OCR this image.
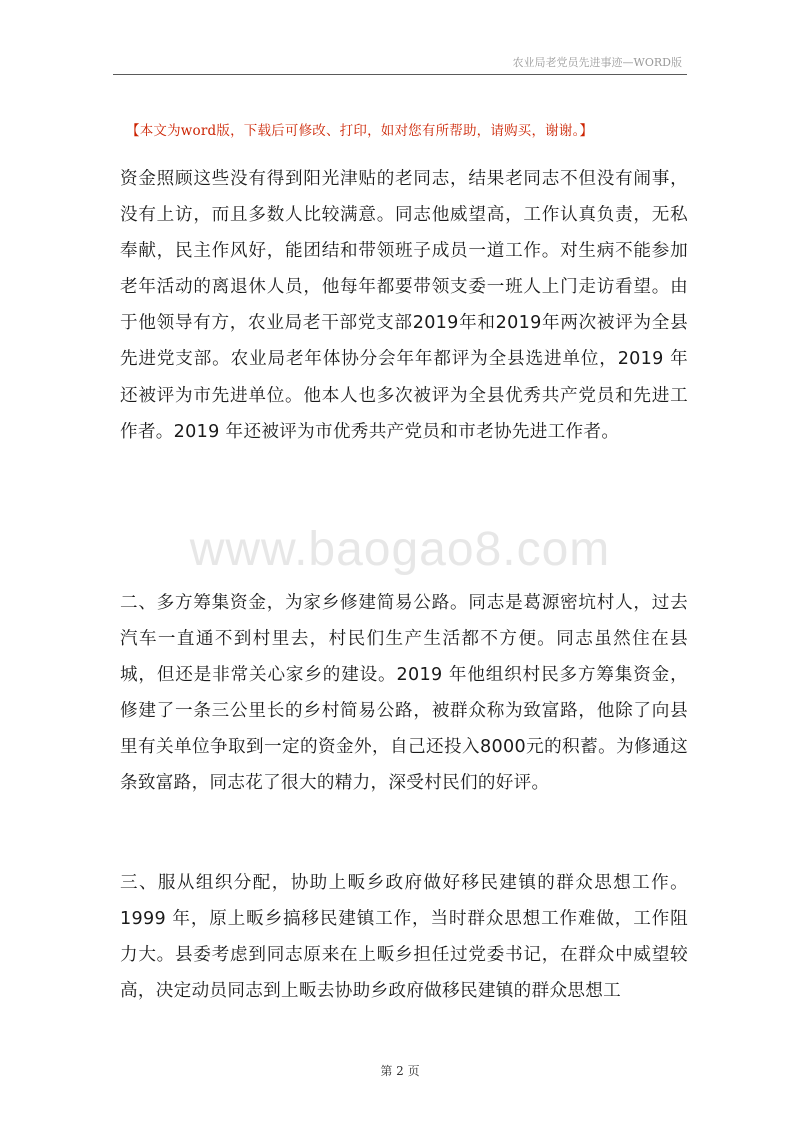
农业局老党员先进事迹—WORD版
【本文为word版，下载后可修改、打印，如对您有所帮助，请购买，谢谢。】
www.baogao8.com

资金照顾这些没有得到阳光津贴的老同志，结果老同志不但没有闹事，没有上访，而且多数人比较满意。同志他威望高，工作认真负责，无私奉献，民主作风好，能团结和带领班子成员一道工作。对生病不能参加老年活动的离退休人员，他每年都要带领支委一班人上门走访看望。由于他领导有方，农业局老干部党支部2019年和2019年两次被评为全县先进党支部。农业局老年体协分会年年都评为全县选进单位，2019 年还被评为市先进单位。他本人也多次被评为全县优秀共产党员和先进工作者。2019 年还被评为市优秀共产党员和市老协先进工作者。

二、多方筹集资金，为家乡修建简易公路。同志是葛源密坑村人，过去汽车一直通不到村里去，村民们生产生活都不方便。同志虽然住在县城，但还是非常关心家乡的建设。2019 年他组织村民多方筹集资金，修建了一条三公里长的乡村简易公路，被群众称为致富路，他除了向县里有关单位争取到一定的资金外，自己还投入8000元的积蓄。为修通这条致富路，同志花了很大的精力，深受村民们的好评。

三、服从组织分配，协助上畈乡政府做好移民建镇的群众思想工作。1999 年，原上畈乡搞移民建镇工作，当时群众思想工作难做，工作阻力大。县委考虑到同志原来在上畈乡担任过党委书记，在群众中威望较高，决定动员同志到上畈去协助乡政府做移民建镇的群众思想工

第 2 页
